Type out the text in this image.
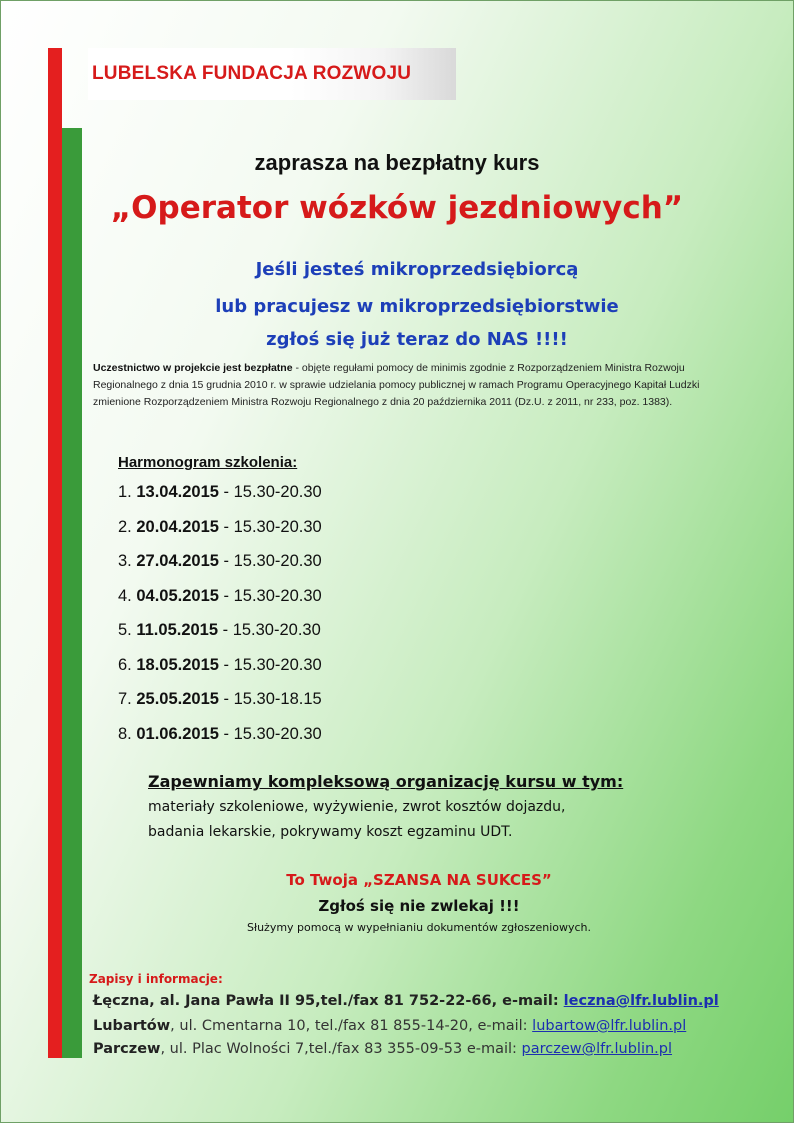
LUBELSKA FUNDACJA ROZWOJU
zaprasza na bezpłatny kurs
„Operator wózków jezdniowych”
Jeśli jesteś mikroprzedsiębiorcą
lub pracujesz w mikroprzedsiębiorstwie
zgłoś się już teraz do NAS !!!!
Uczestnictwo w projekcie jest bezpłatne - objęte regułami pomocy de minimis zgodnie z Rozporządzeniem Ministra Rozwoju Regionalnego z dnia 15 grudnia 2010 r. w sprawie udzielania pomocy publicznej w ramach Programu Operacyjnego Kapitał Ludzki zmienione Rozporządzeniem Ministra Rozwoju Regionalnego z dnia 20 października 2011 (Dz.U. z 2011, nr 233, poz. 1383).
Harmonogram szkolenia:
1. 13.04.2015 - 15.30-20.30
2. 20.04.2015 - 15.30-20.30
3. 27.04.2015 - 15.30-20.30
4. 04.05.2015 - 15.30-20.30
5. 11.05.2015 - 15.30-20.30
6. 18.05.2015 - 15.30-20.30
7. 25.05.2015 - 15.30-18.15
8. 01.06.2015 - 15.30-20.30
Zapewniamy kompleksową organizację kursu w tym:
materiały szkoleniowe, wyżywienie, zwrot kosztów dojazdu,
badania lekarskie, pokrywamy koszt egzaminu UDT.
To Twoja „SZANSA NA SUKCES”
Zgłoś się nie zwlekaj !!!
Służymy pomocą w wypełnianiu dokumentów zgłoszeniowych.
Zapisy i informacje:
Łęczna, al. Jana Pawła II 95,tel./fax 81 752-22-66, e-mail: leczna@lfr.lublin.pl
Lubartów, ul. Cmentarna 10, tel./fax 81 855-14-20, e-mail: lubartow@lfr.lublin.pl
Parczew, ul. Plac Wolności 7,tel./fax 83 355-09-53 e-mail: parczew@lfr.lublin.pl
